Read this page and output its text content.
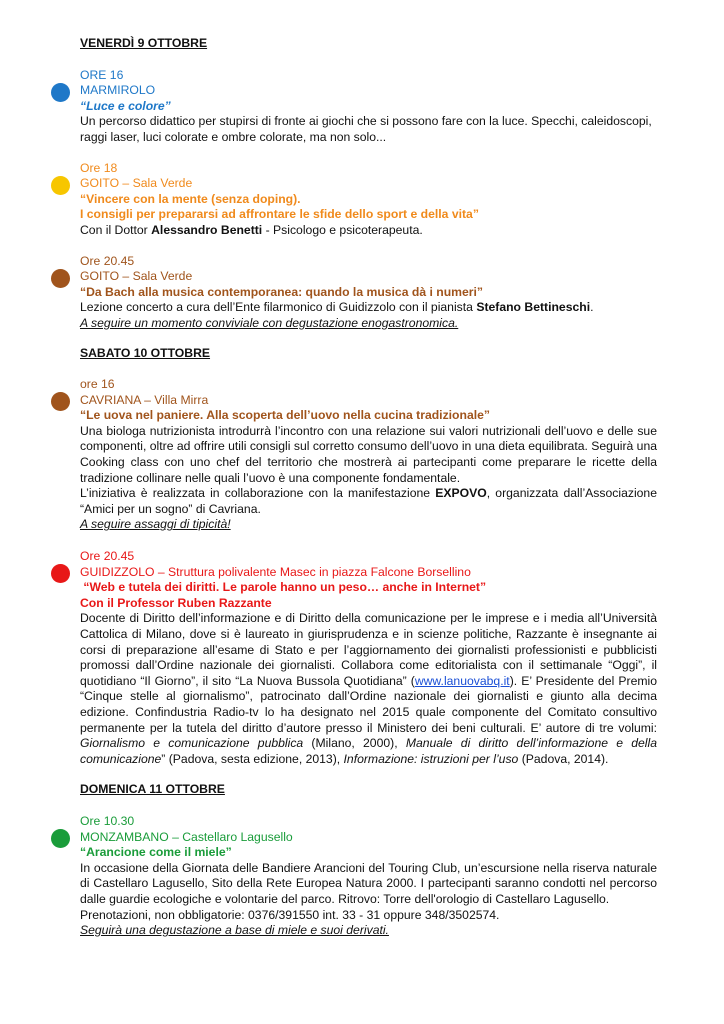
VENERDÌ 9 OTTOBRE

ORE 16

MARMIROLO

“Luce e colore”

Un percorso didattico per stupirsi di fronte ai giochi che si possono fare con la luce. Specchi, caleidoscopi, raggi laser, luci colorate e ombre colorate, ma non solo...

Ore 18

GOITO – Sala Verde

“Vincere con la mente (senza doping).

I consigli per prepararsi ad affrontare le sfide dello sport e della vita”

Con il Dottor Alessandro Benetti - Psicologo e psicoterapeuta.

Ore 20.45

GOITO – Sala Verde

“Da Bach alla musica contemporanea: quando la musica dà i numeri”

Lezione concerto a cura dell’Ente filarmonico di Guidizzolo con il pianista Stefano Bettineschi.

A seguire un momento conviviale con degustazione enogastronomica.

SABATO 10 OTTOBRE

ore 16

CAVRIANA – Villa Mirra

“Le uova nel paniere. Alla scoperta dell’uovo nella cucina tradizionale”

Una biologa nutrizionista introdurrà l’incontro con una relazione sui valori nutrizionali dell’uovo e delle sue componenti, oltre ad offrire utili consigli sul corretto consumo dell’uovo in una dieta equilibrata. Seguirà una Cooking class con uno chef del territorio che mostrerà ai partecipanti come preparare le ricette della tradizione collinare nelle quali l’uovo è una componente fondamentale.

L’iniziativa è realizzata in collaborazione con la manifestazione EXPOVO, organizzata dall’Associazione “Amici per un sogno” di Cavriana.

A seguire assaggi di tipicità!

Ore 20.45

GUIDIZZOLO – Struttura polivalente Masec in piazza Falcone Borsellino

“Web e tutela dei diritti. Le parole hanno un peso… anche in Internet”

Con il Professor Ruben Razzante

Docente di Diritto dell’informazione e di Diritto della comunicazione per le imprese e i media all’Università Cattolica di Milano, dove si è laureato in giurisprudenza e in scienze politiche, Razzante è insegnante ai corsi di preparazione all’esame di Stato e per l’aggiornamento dei giornalisti professionisti e pubblicisti promossi dall’Ordine nazionale dei giornalisti. Collabora come editorialista con il settimanale “Oggi”, il quotidiano “Il Giorno”, il sito “La Nuova Bussola Quotidiana” (www.lanuovabq.it). E’ Presidente del Premio “Cinque stelle al giornalismo”, patrocinato dall’Ordine nazionale dei giornalisti e giunto alla decima edizione. Confindustria Radio-tv lo ha designato nel 2015 quale componente del Comitato consultivo permanente per la tutela del diritto d’autore presso il Ministero dei beni culturali. E’ autore di tre volumi: Giornalismo e comunicazione pubblica (Milano, 2000), Manuale di diritto dell’informazione e della comunicazione” (Padova, sesta edizione, 2013), Informazione: istruzioni per l’uso (Padova, 2014).

DOMENICA 11 OTTOBRE

Ore 10.30

MONZAMBANO – Castellaro Lagusello

“Arancione come il miele”

In occasione della Giornata delle Bandiere Arancioni del Touring Club, un’escursione nella riserva naturale di Castellaro Lagusello, Sito della Rete Europea Natura 2000. I partecipanti saranno condotti nel percorso dalle guardie ecologiche e volontarie del parco. Ritrovo: Torre dell'orologio di Castellaro Lagusello.

Prenotazioni, non obbligatorie: 0376/391550 int. 33 - 31 oppure 348/3502574.

Seguirà una degustazione a base di miele e suoi derivati.
